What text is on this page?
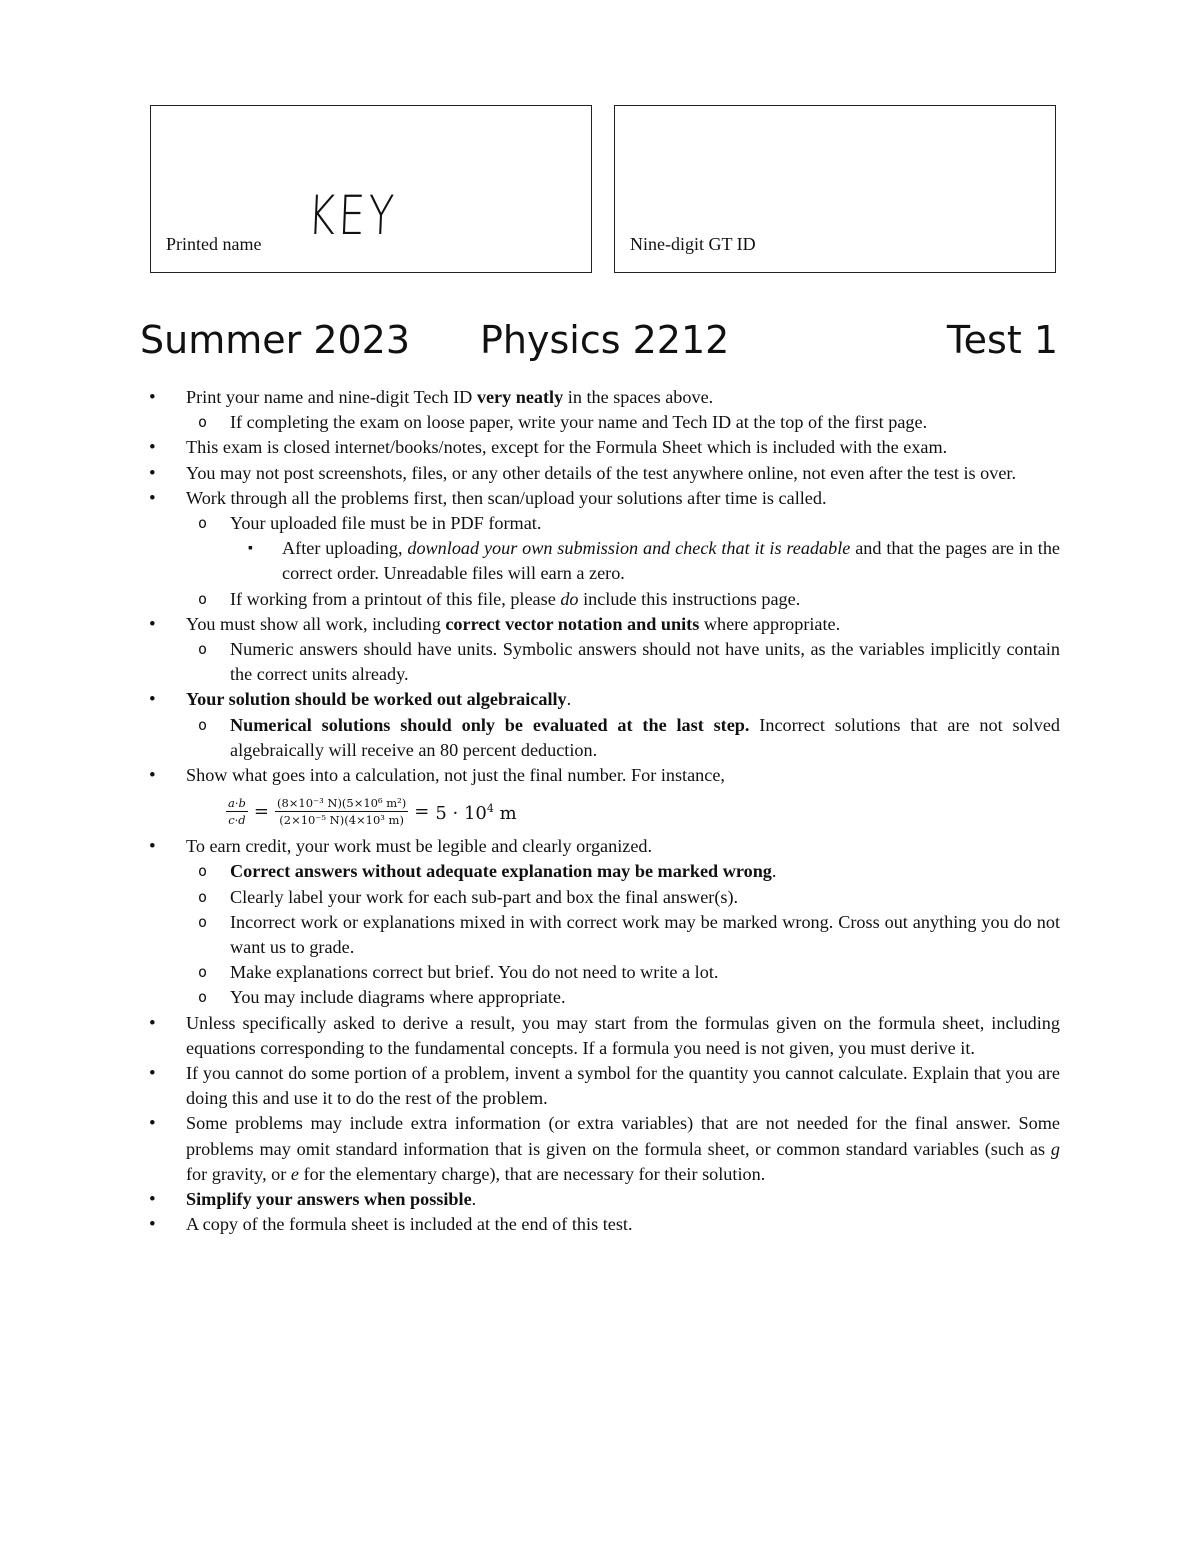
KEY
Printed name	Nine-digit GT ID
Summer 2023 Physics 2212	Test 1
• Print your name and nine-digit Tech ID very neatly in the spaces above.
o If completing the exam on loose paper, write your name and Tech ID at the top of the first page.
• This exam is closed internet/books/notes, except for the Formula Sheet which is included with the exam.
• You may not post screenshots, files, or any other details of the test anywhere online, not even after the test is over.
• Work through all the problems first, then scan/upload your solutions after time is called.
o Your uploaded file must be in PDF format.
▪ After uploading, download your own submission and check that it is readable and that the pages are in the correct order. Unreadable files will earn a zero.
o If working from a printout of this file, please do include this instructions page.
• You must show all work, including correct vector notation and units where appropriate.
o Numeric answers should have units. Symbolic answers should not have units, as the variables implicitly contain the correct units already.
• Your solution should be worked out algebraically.
o Numerical solutions should only be evaluated at the last step. Incorrect solutions that are not solved algebraically will receive an 80 percent deduction.
• Show what goes into a calculation, not just the final number. For instance,
$\frac{a\cdot b}{c\cdot d} = \frac{\text{(8×10⁻³ N)(5×10⁶ m²)}}{\text{(2×10⁻⁵ N)(4×10³ m)}} = 5 \cdot 10^4$ m
• To earn credit, your work must be legible and clearly organized.
o Correct answers without adequate explanation may be marked wrong.
o Clearly label your work for each sub-part and box the final answer(s).
o Incorrect work or explanations mixed in with correct work may be marked wrong. Cross out anything you do not want us to grade.
o Make explanations correct but brief. You do not need to write a lot.
o You may include diagrams where appropriate.
• Unless specifically asked to derive a result, you may start from the formulas given on the formula sheet, including equations corresponding to the fundamental concepts. If a formula you need is not given, you must derive it.
• If you cannot do some portion of a problem, invent a symbol for the quantity you cannot calculate. Explain that you are doing this and use it to do the rest of the problem.
• Some problems may include extra information (or extra variables) that are not needed for the final answer. Some problems may omit standard information that is given on the formula sheet, or common standard variables (such as g for gravity, or e for the elementary charge), that are necessary for their solution.
• Simplify your answers when possible.
• A copy of the formula sheet is included at the end of this test.
